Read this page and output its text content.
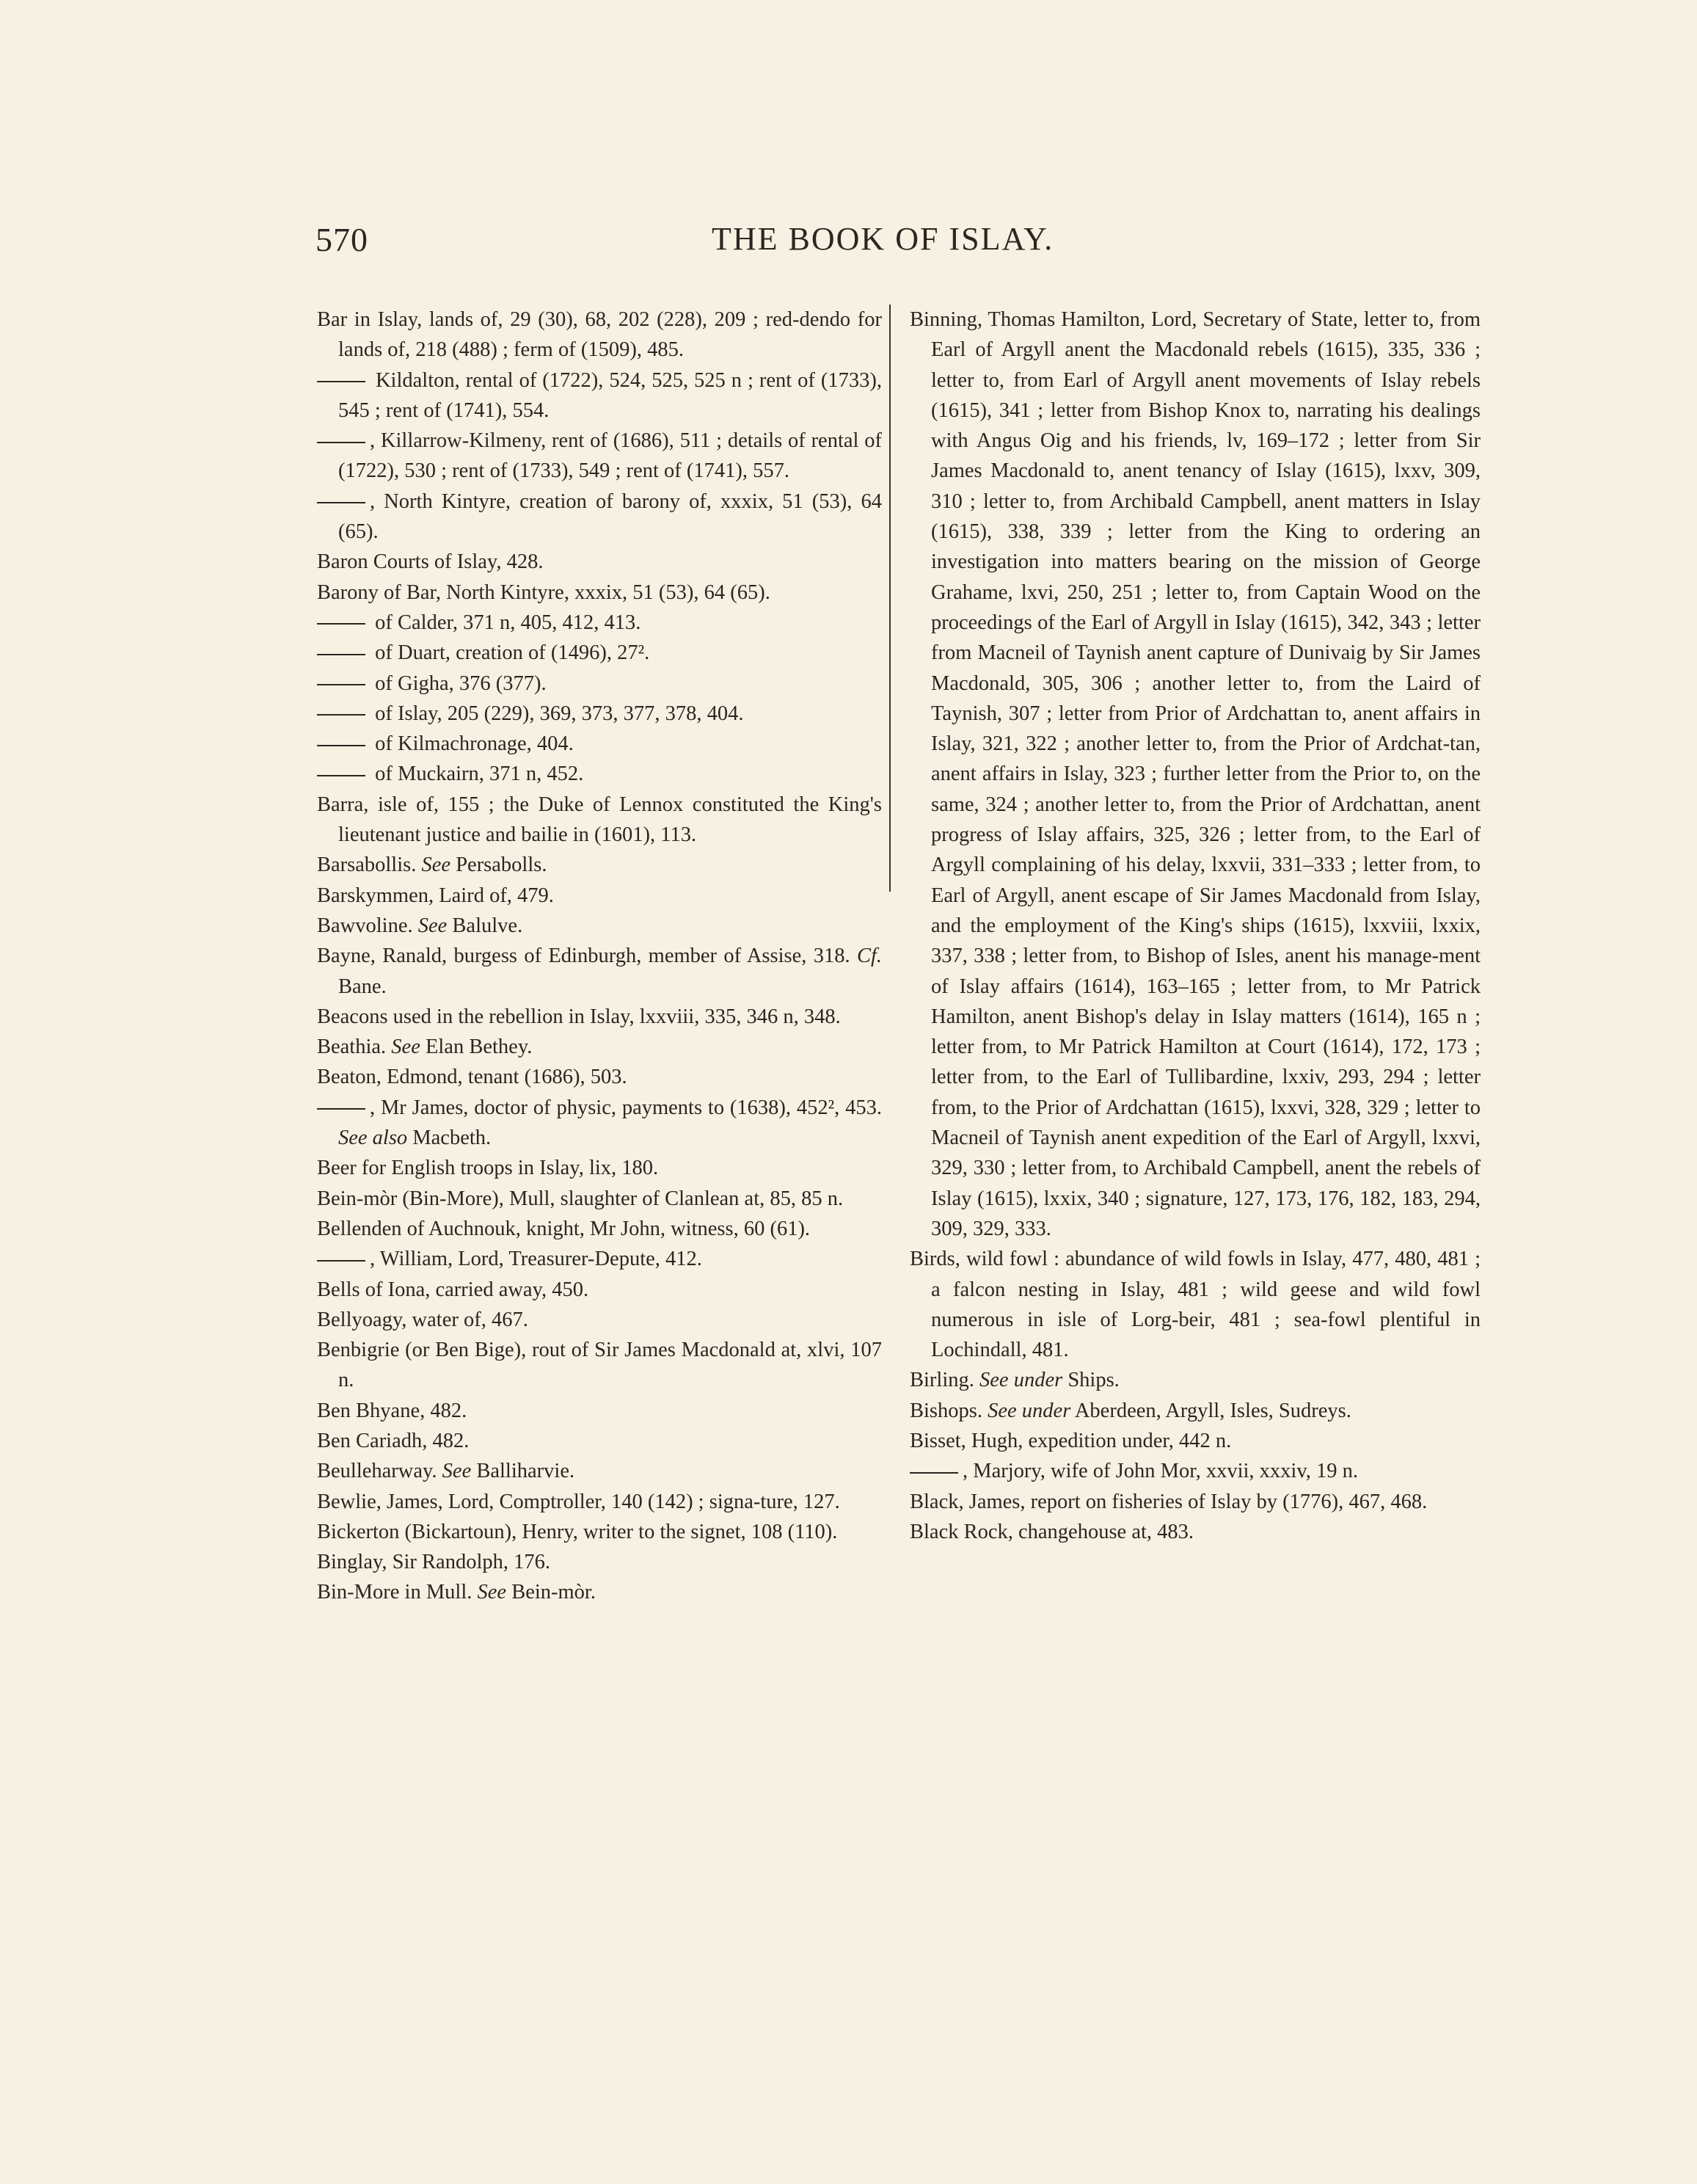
570	THE BOOK OF ISLAY.
Bar in Islay, lands of, 29 (30), 68, 202 (228), 209 ; red-dendo for lands of, 218 (488) ; ferm of (1509), 485.
Kildalton, rental of (1722), 524, 525, 525 n ; rent of (1733), 545 ; rent of (1741), 554.
, Killarrow-Kilmeny, rent of (1686), 511 ; details of rental of (1722), 530 ; rent of (1733), 549 ; rent of (1741), 557.
, North Kintyre, creation of barony of, xxxix, 51 (53), 64 (65).
Baron Courts of Islay, 428.
Barony of Bar, North Kintyre, xxxix, 51 (53), 64 (65).
of Calder, 371 n, 405, 412, 413.
of Duart, creation of (1496), 27².
of Gigha, 376 (377).
of Islay, 205 (229), 369, 373, 377, 378, 404.
of Kilmachronage, 404.
of Muckairn, 371 n, 452.
Barra, isle of, 155 ; the Duke of Lennox constituted the King's lieutenant justice and bailie in (1601), 113.
Barsabollis. See Persabolls.
Barskymmen, Laird of, 479.
Bawvoline. See Balulve.
Bayne, Ranald, burgess of Edinburgh, member of Assise, 318. Cf. Bane.
Beacons used in the rebellion in Islay, lxxviii, 335, 346 n, 348.
Beathia. See Elan Bethey.
Beaton, Edmond, tenant (1686), 503.
, Mr James, doctor of physic, payments to (1638), 452², 453. See also Macbeth.
Beer for English troops in Islay, lix, 180.
Bein-mòr (Bin-More), Mull, slaughter of Clanlean at, 85, 85 n.
Bellenden of Auchnouk, knight, Mr John, witness, 60 (61).
, William, Lord, Treasurer-Depute, 412.
Bells of Iona, carried away, 450.
Bellyoagy, water of, 467.
Benbigrie (or Ben Bige), rout of Sir James Macdonald at, xlvi, 107 n.
Ben Bhyane, 482.
Ben Cariadh, 482.
Beulleharway. See Balliharvie.
Bewlie, James, Lord, Comptroller, 140 (142) ; signa-ture, 127.
Bickerton (Bickartoun), Henry, writer to the signet, 108 (110).
Binglay, Sir Randolph, 176.
Bin-More in Mull. See Bein-mòr.
Binning, Thomas Hamilton, Lord, Secretary of State, letter to, from Earl of Argyll anent the Macdonald rebels (1615), 335, 336 ; letter to, from Earl of Argyll anent movements of Islay rebels (1615), 341 ; letter from Bishop Knox to, narrating his dealings with Angus Oig and his friends, lv, 169–172 ; letter from Sir James Macdonald to, anent tenancy of Islay (1615), lxxv, 309, 310 ; letter to, from Archibald Campbell, anent matters in Islay (1615), 338, 339 ; letter from the King to ordering an investigation into matters bearing on the mission of George Grahame, lxvi, 250, 251 ; letter to, from Captain Wood on the proceedings of the Earl of Argyll in Islay (1615), 342, 343 ; letter from Macneil of Taynish anent capture of Dunivaig by Sir James Macdonald, 305, 306 ; another letter to, from the Laird of Taynish, 307 ; letter from Prior of Ardchattan to, anent affairs in Islay, 321, 322 ; another letter to, from the Prior of Ardchat-tan, anent affairs in Islay, 323 ; further letter from the Prior to, on the same, 324 ; another letter to, from the Prior of Ardchattan, anent progress of Islay affairs, 325, 326 ; letter from, to the Earl of Argyll complaining of his delay, lxxvii, 331–333 ; letter from, to Earl of Argyll, anent escape of Sir James Macdonald from Islay, and the employment of the King's ships (1615), lxxviii, lxxix, 337, 338 ; letter from, to Bishop of Isles, anent his manage-ment of Islay affairs (1614), 163–165 ; letter from, to Mr Patrick Hamilton, anent Bishop's delay in Islay matters (1614), 165 n ; letter from, to Mr Patrick Hamilton at Court (1614), 172, 173 ; letter from, to the Earl of Tullibardine, lxxiv, 293, 294 ; letter from, to the Prior of Ardchattan (1615), lxxvi, 328, 329 ; letter to Macneil of Taynish anent expedition of the Earl of Argyll, lxxvi, 329, 330 ; letter from, to Archibald Campbell, anent the rebels of Islay (1615), lxxix, 340 ; signature, 127, 173, 176, 182, 183, 294, 309, 329, 333.
Birds, wild fowl : abundance of wild fowls in Islay, 477, 480, 481 ; a falcon nesting in Islay, 481 ; wild geese and wild fowl numerous in isle of Lorg-beir, 481 ; sea-fowl plentiful in Lochindall, 481.
Birling. See under Ships.
Bishops. See under Aberdeen, Argyll, Isles, Sudreys.
Bisset, Hugh, expedition under, 442 n.
, Marjory, wife of John Mor, xxvii, xxxiv, 19 n.
Black, James, report on fisheries of Islay by (1776), 467, 468.
Black Rock, changehouse at, 483.
